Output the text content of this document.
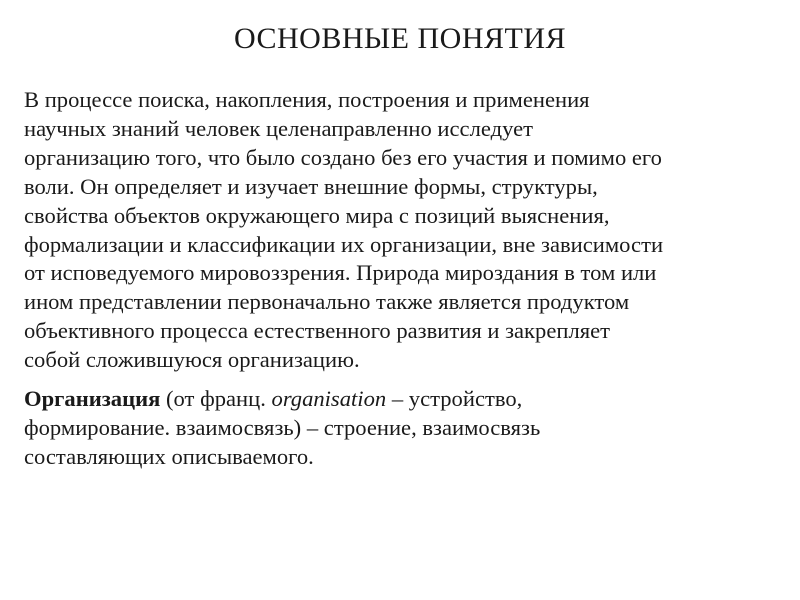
ОСНОВНЫЕ ПОНЯТИЯ

В процессе поиска, накопления, построения и применения
научных знаний человек целенаправленно исследует
организацию того, что было создано без его участия и помимо его
воли. Он определяет и изучает внешние формы, структуры,
свойства объектов окружающего мира с позиций выяснения,
формализации и классификации их организации, вне зависимости
от исповедуемого мировоззрения. Природа мироздания в том или
ином представлении первоначально также является продуктом
объективного процесса естественного развития и закрепляет
собой сложившуюся организацию.

Организация (от франц. organisation – устройство,
формирование. взаимосвязь) – строение, взаимосвязь
составляющих описываемого.
